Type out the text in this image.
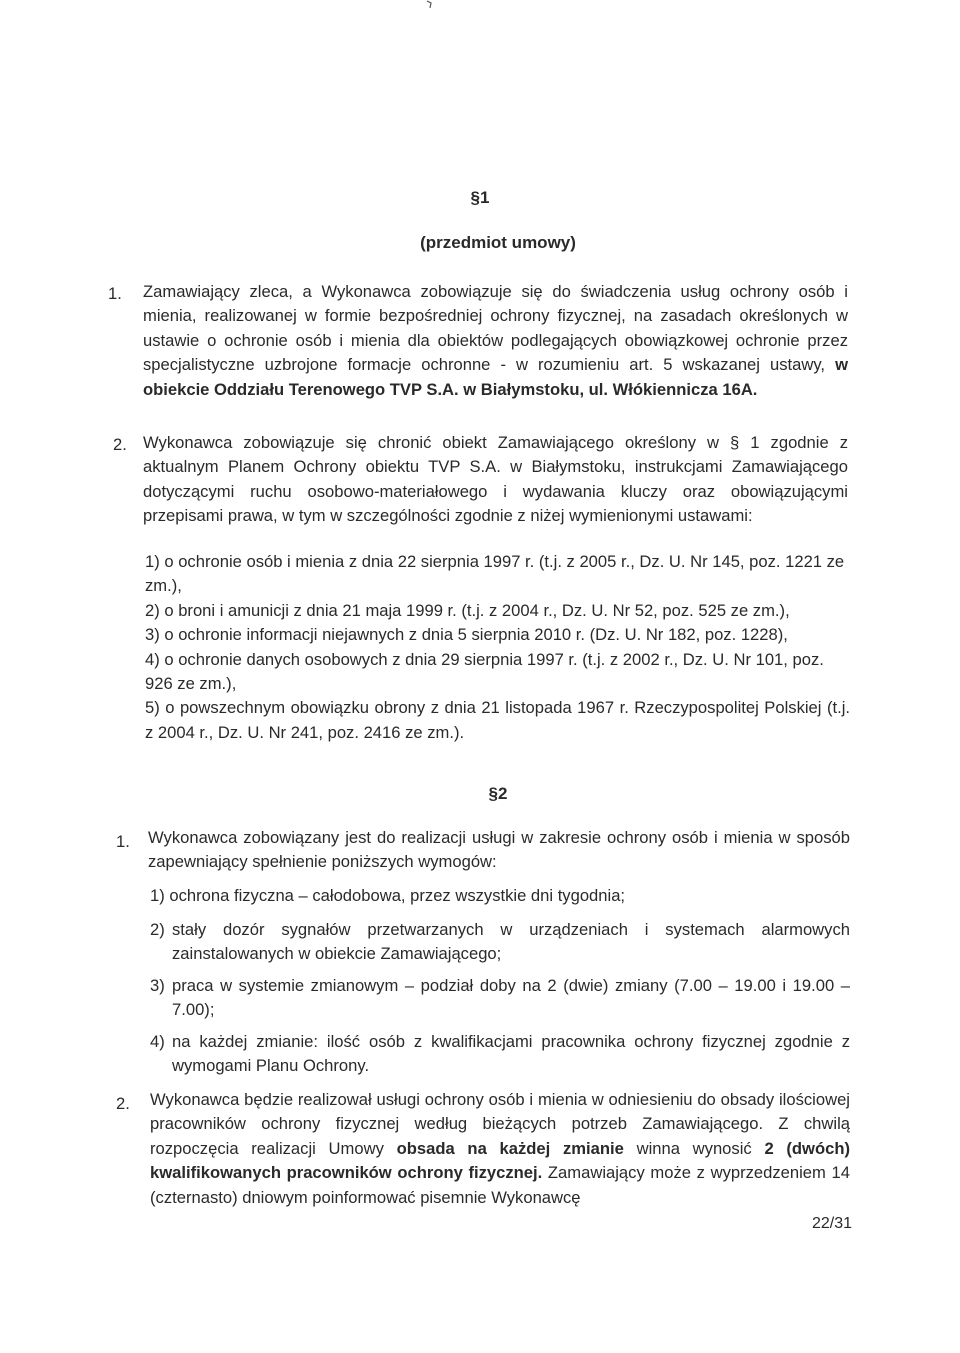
§1
(przedmiot umowy)
1. Zamawiający zleca, a Wykonawca zobowiązuje się do świadczenia usług ochrony osób i mienia, realizowanej w formie bezpośredniej ochrony fizycznej, na zasadach określonych w ustawie o ochronie osób i mienia dla obiektów podlegających obowiązkowej ochronie przez specjalistyczne uzbrojone formacje ochronne - w rozumieniu art. 5 wskazanej ustawy, w obiekcie Oddziału Terenowego TVP S.A. w Białymstoku, ul. Włókiennicza 16A.
2. Wykonawca zobowiązuje się chronić obiekt Zamawiającego określony w § 1 zgodnie z aktualnym Planem Ochrony obiektu TVP S.A. w Białymstoku, instrukcjami Zamawiającego dotyczącymi ruchu osobowo-materiałowego i wydawania kluczy oraz obowiązującymi przepisami prawa, w tym w szczególności zgodnie z niżej wymienionymi ustawami:

1) o ochronie osób i mienia z dnia 22 sierpnia 1997 r. (t.j. z 2005 r., Dz. U. Nr 145, poz. 1221 ze zm.),

2) o broni i amunicji z dnia 21 maja 1999 r. (t.j. z 2004 r., Dz. U. Nr 52, poz. 525 ze zm.),

3) o ochronie informacji niejawnych z dnia 5 sierpnia 2010 r. (Dz. U. Nr 182, poz. 1228),

4) o ochronie danych osobowych z dnia 29 sierpnia 1997 r. (t.j. z 2002 r., Dz. U. Nr 101, poz. 926 ze zm.),

5) o powszechnym obowiązku obrony z dnia 21 listopada 1967 r. Rzeczypospolitej Polskiej (t.j. z 2004 r., Dz. U. Nr 241, poz. 2416 ze zm.).

§2
1. Wykonawca zobowiązany jest do realizacji usługi w zakresie ochrony osób i mienia w sposób zapewniający spełnienie poniższych wymogów:
1) ochrona fizyczna – całodobowa, przez wszystkie dni tygodnia;
2) stały dozór sygnałów przetwarzanych w urządzeniach i systemach alarmowych zainstalowanych w obiekcie Zamawiającego;
3) praca w systemie zmianowym – podział doby na 2 (dwie) zmiany (7.00 – 19.00 i 19.00 – 7.00);
4) na każdej zmianie: ilość osób z kwalifikacjami pracownika ochrony fizycznej zgodnie z wymogami Planu Ochrony.
2. Wykonawca będzie realizował usługi ochrony osób i mienia w odniesieniu do obsady ilościowej pracowników ochrony fizycznej według bieżących potrzeb Zamawiającego. Z chwilą rozpoczęcia realizacji Umowy obsada na każdej zmianie winna wynosić 2 (dwóch) kwalifikowanych pracowników ochrony fizycznej. Zamawiający może z wyprzedzeniem 14 (czternasto) dniowym poinformować pisemnie Wykonawcę
22/31
